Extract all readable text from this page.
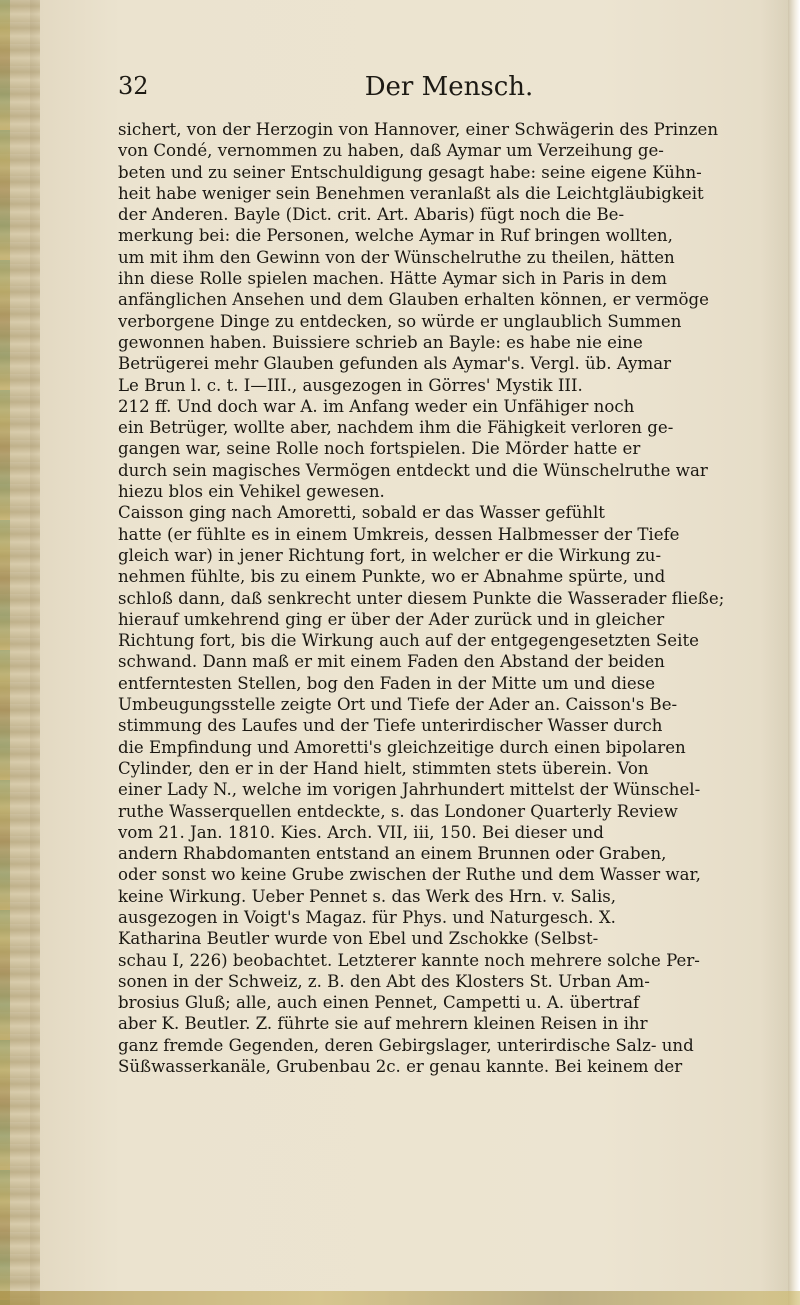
32	Der Mensch.
sichert, von der Herzogin von Hannover, einer Schwägerin des Prinzen
von Condé, vernommen zu haben, daß Aymar um Verzeihung ge-
beten und zu seiner Entschuldigung gesagt habe: seine eigene Kühn-
heit habe weniger sein Benehmen veranlaßt als die Leichtgläubigkeit
der Anderen. Bayle (Dict. crit. Art. Abaris) fügt noch die Be-
merkung bei: die Personen, welche Aymar in Ruf bringen wollten,
um mit ihm den Gewinn von der Wünschelruthe zu theilen, hätten
ihn diese Rolle spielen machen. Hätte Aymar sich in Paris in dem
anfänglichen Ansehen und dem Glauben erhalten können, er vermöge
verborgene Dinge zu entdecken, so würde er unglaublich Summen
gewonnen haben. Buissiere schrieb an Bayle: es habe nie eine
Betrügerei mehr Glauben gefunden als Aymar's. Vergl. üb. Aymar
Le Brun l. c. t. I—III., ausgezogen in Görres' Mystik III.
212 ff. Und doch war A. im Anfang weder ein Unfähiger noch
ein Betrüger, wollte aber, nachdem ihm die Fähigkeit verloren ge-
gangen war, seine Rolle noch fortspielen. Die Mörder hatte er
durch sein magisches Vermögen entdeckt und die Wünschelruthe war
hiezu blos ein Vehikel gewesen.
Caisson ging nach Amoretti, sobald er das Wasser gefühlt
hatte (er fühlte es in einem Umkreis, dessen Halbmesser der Tiefe
gleich war) in jener Richtung fort, in welcher er die Wirkung zu-
nehmen fühlte, bis zu einem Punkte, wo er Abnahme spürte, und
schloß dann, daß senkrecht unter diesem Punkte die Wasserader fließe;
hierauf umkehrend ging er über der Ader zurück und in gleicher
Richtung fort, bis die Wirkung auch auf der entgegengesetzten Seite
schwand. Dann maß er mit einem Faden den Abstand der beiden
entferntesten Stellen, bog den Faden in der Mitte um und diese
Umbeugungsstelle zeigte Ort und Tiefe der Ader an. Caisson's Be-
stimmung des Laufes und der Tiefe unterirdischer Wasser durch
die Empfindung und Amoretti's gleichzeitige durch einen bipolaren
Cylinder, den er in der Hand hielt, stimmten stets überein. Von
einer Lady N., welche im vorigen Jahrhundert mittelst der Wünschel-
ruthe Wasserquellen entdeckte, s. das Londoner Quarterly Review
vom 21. Jan. 1810. Kies. Arch. VII, iii, 150. Bei dieser und
andern Rhabdomanten entstand an einem Brunnen oder Graben,
oder sonst wo keine Grube zwischen der Ruthe und dem Wasser war,
keine Wirkung. Ueber Pennet s. das Werk des Hrn. v. Salis,
ausgezogen in Voigt's Magaz. für Phys. und Naturgesch. X.
Katharina Beutler wurde von Ebel und Zschokke (Selbst-
schau I, 226) beobachtet. Letzterer kannte noch mehrere solche Per-
sonen in der Schweiz, z. B. den Abt des Klosters St. Urban Am-
brosius Gluß; alle, auch einen Pennet, Campetti u. A. übertraf
aber K. Beutler. Z. führte sie auf mehrern kleinen Reisen in ihr
ganz fremde Gegenden, deren Gebirgslager, unterirdische Salz- und
Süßwasserkanäle, Grubenbau 2c. er genau kannte. Bei keinem der
